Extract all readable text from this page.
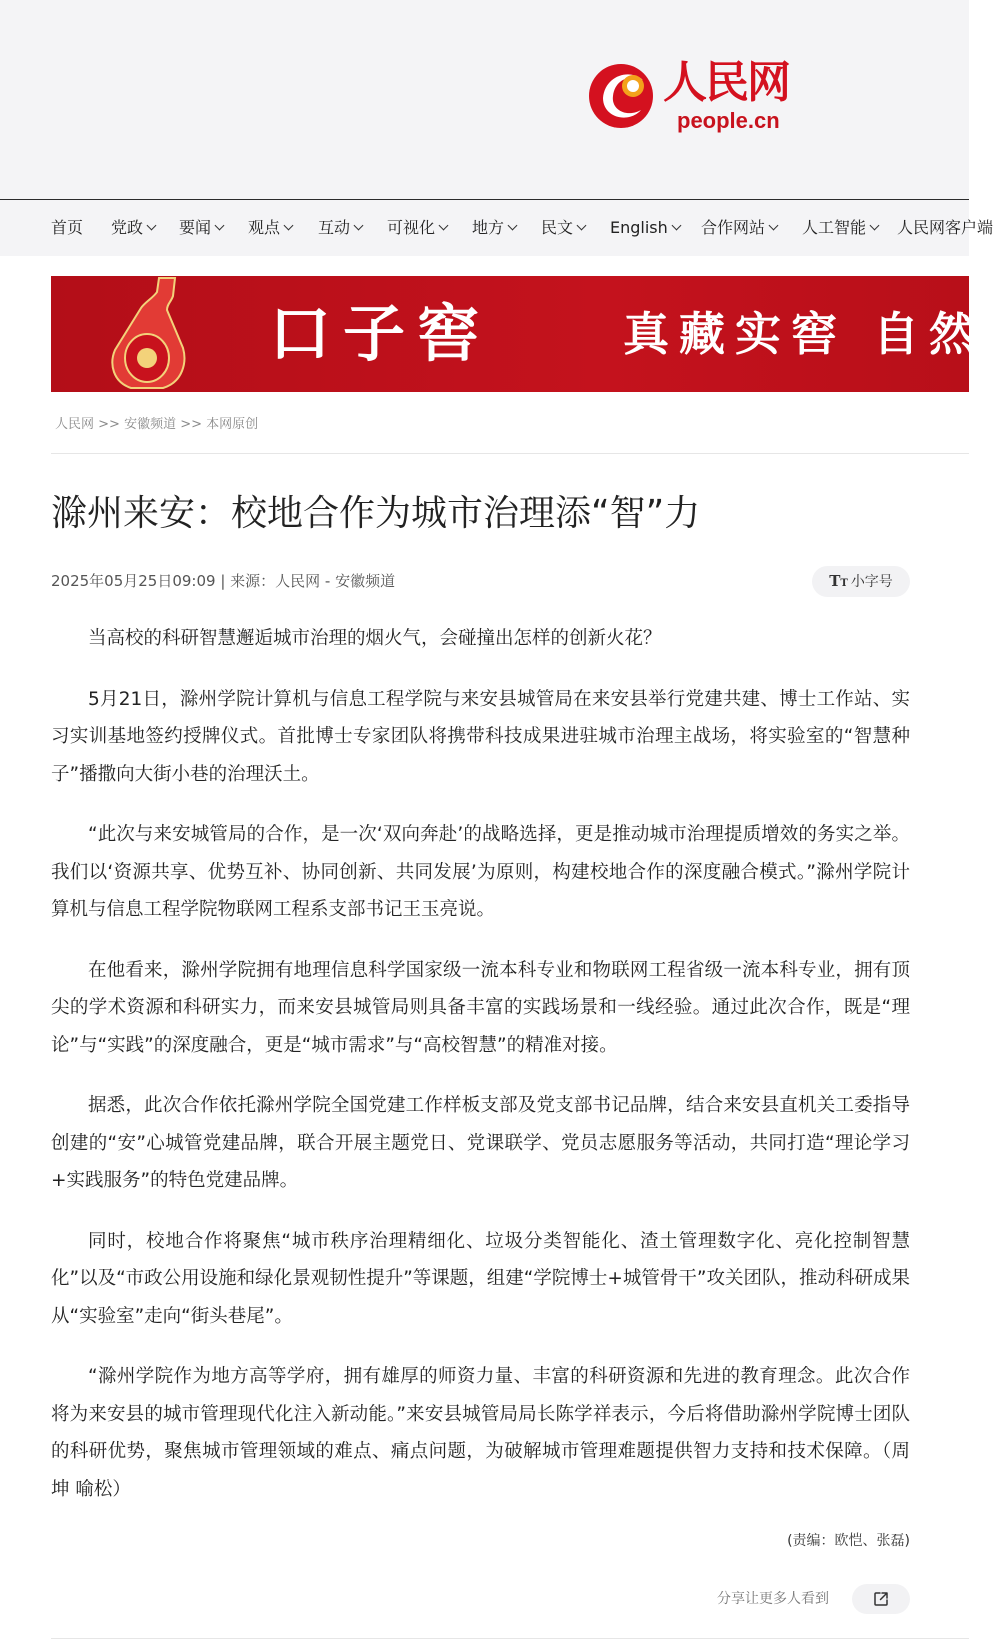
人民网
people.cn
首页 党政	要闻	观点	互动	可视化	地方	民文	English	合作网站	人工智能	人民网客户端
口子窖	真藏实窖 自然
人民网 >> 安徽频道 >> 本网原创
滁州来安：校地合作为城市治理添“智”力
2025年05月25日09:09 | 来源：人民网 - 安徽频道	TT 小字号

当高校的科研智慧邂逅城市治理的烟火气，会碰撞出怎样的创新火花？

5月21日，滁州学院计算机与信息工程学院与来安县城管局在来安县举行党建共建、博士工作站、实习实训基地签约授牌仪式。首批博士专家团队将携带科技成果进驻城市治理主战场，将实验室的“智慧种子”播撒向大街小巷的治理沃土。

“此次与来安城管局的合作，是一次‘双向奔赴’的战略选择，更是推动城市治理提质增效的务实之举。我们以‘资源共享、优势互补、协同创新、共同发展’为原则，构建校地合作的深度融合模式。”滁州学院计算机与信息工程学院物联网工程系支部书记王玉亮说。

在他看来，滁州学院拥有地理信息科学国家级一流本科专业和物联网工程省级一流本科专业，拥有顶尖的学术资源和科研实力，而来安县城管局则具备丰富的实践场景和一线经验。通过此次合作，既是“理论”与“实践”的深度融合，更是“城市需求”与“高校智慧”的精准对接。

据悉，此次合作依托滁州学院全国党建工作样板支部及党支部书记品牌，结合来安县直机关工委指导创建的“安”心城管党建品牌，联合开展主题党日、党课联学、党员志愿服务等活动，共同打造“理论学习+实践服务”的特色党建品牌。

同时，校地合作将聚焦“城市秩序治理精细化、垃圾分类智能化、渣土管理数字化、亮化控制智慧化”以及“市政公用设施和绿化景观韧性提升”等课题，组建“学院博士+城管骨干”攻关团队，推动科研成果从“实验室”走向“街头巷尾”。

“滁州学院作为地方高等学府，拥有雄厚的师资力量、丰富的科研资源和先进的教育理念。此次合作将为来安县的城市管理现代化注入新动能。”来安县城管局局长陈学祥表示，今后将借助滁州学院博士团队的科研优势，聚焦城市管理领域的难点、痛点问题，为破解城市管理难题提供智力支持和技术保障。（周坤 喻松）

(责编：欧恺、张磊)
分享让更多人看到
